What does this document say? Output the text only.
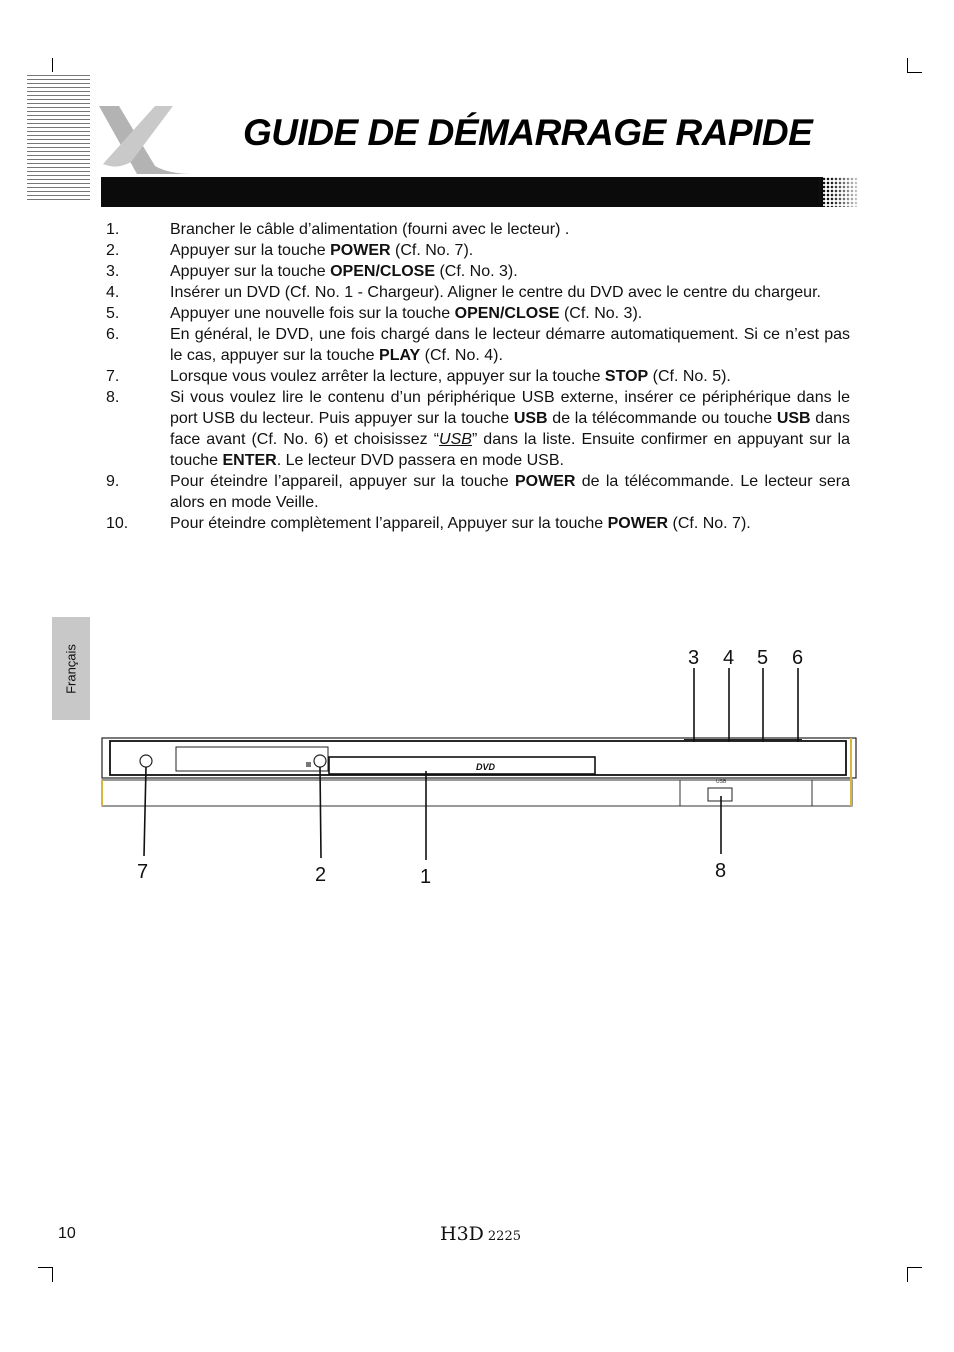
GUIDE DE DÉMARRAGE RAPIDE
1.	Brancher le câble d’alimentation (fourni avec le lecteur) .
2.	Appuyer sur la touche POWER (Cf. No. 7).
3.	Appuyer sur la touche OPEN/CLOSE (Cf. No. 3).
4.	Insérer un DVD (Cf. No. 1 - Chargeur). Aligner le centre du DVD avec le centre du chargeur.
5.	Appuyer une nouvelle fois sur la touche OPEN/CLOSE (Cf. No. 3).
6.	En général, le DVD, une fois chargé dans le lecteur démarre automatiquement. Si ce n’est pas le cas, appuyer sur la touche PLAY (Cf. No. 4).
7.	Lorsque vous voulez arrêter la lecture, appuyer sur la touche STOP (Cf. No. 5).
8.	Si vous voulez lire le contenu d’un périphérique USB externe, insérer ce périphérique dans le port USB du lecteur. Puis appuyer sur la touche USB de la télécommande ou touche USB dans face avant (Cf. No. 6) et choisissez “USB” dans la liste. Ensuite confirmer en appuyant sur la touche ENTER. Le lecteur DVD passera en mode USB.
9.	Pour éteindre l’appareil, appuyer sur la touche POWER de la télécommande. Le lecteur sera alors en mode Veille.
10.	Pour éteindre complètement l’appareil, Appuyer sur la touche POWER (Cf. No. 7).
Français
DVD
USB
3 4 5 6
7	2	1	8
10	H3D 2225
